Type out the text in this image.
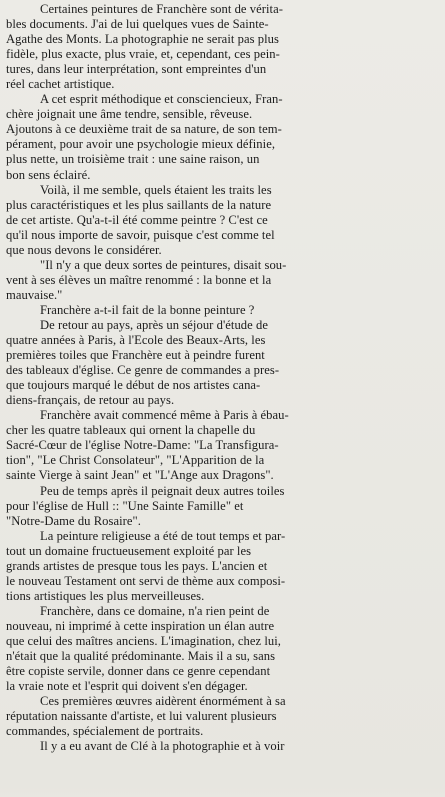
Certaines peintures de Franchère sont de vérita-
bles documents. J'ai de lui quelques vues de Sainte-
Agathe des Monts. La photographie ne serait pas plus
fidèle, plus exacte, plus vraie, et, cependant, ces pein-
tures, dans leur interprétation, sont empreintes d'un
réel cachet artistique.
A cet esprit méthodique et consciencieux, Fran-
chère joignait une âme tendre, sensible, rêveuse.
Ajoutons à ce deuxième trait de sa nature, de son tem-
pérament, pour avoir une psychologie mieux définie,
plus nette, un troisième trait : une saine raison, un
bon sens éclairé.
Voilà, il me semble, quels étaient les traits les
plus caractéristiques et les plus saillants de la nature
de cet artiste. Qu'a-t-il été comme peintre ? C'est ce
qu'il nous importe de savoir, puisque c'est comme tel
que nous devons le considérer.
"Il n'y a que deux sortes de peintures, disait sou-
vent à ses élèves un maître renommé : la bonne et la
mauvaise."
Franchère a-t-il fait de la bonne peinture ?
De retour au pays, après un séjour d'étude de
quatre années à Paris, à l'Ecole des Beaux-Arts, les
premières toiles que Franchère eut à peindre furent
des tableaux d'église. Ce genre de commandes a pres-
que toujours marqué le début de nos artistes cana-
diens-français, de retour au pays.
Franchère avait commencé même à Paris à ébau-
cher les quatre tableaux qui ornent la chapelle du
Sacré-Cœur de l'église Notre-Dame: "La Transfigura-
tion", "Le Christ Consolateur", "L'Apparition de la
sainte Vierge à saint Jean" et "L'Ange aux Dragons".
Peu de temps après il peignait deux autres toiles
pour l'église de Hull :: "Une Sainte Famille" et
"Notre-Dame du Rosaire".
La peinture religieuse a été de tout temps et par-
tout un domaine fructueusement exploité par les
grands artistes de presque tous les pays. L'ancien et
le nouveau Testament ont servi de thème aux composi-
tions artistiques les plus merveilleuses.
Franchère, dans ce domaine, n'a rien peint de
nouveau, ni imprimé à cette inspiration un élan autre
que celui des maîtres anciens. L'imagination, chez lui,
n'était que la qualité prédominante. Mais il a su, sans
être copiste servile, donner dans ce genre cependant
la vraie note et l'esprit qui doivent s'en dégager.
Ces premières œuvres aidèrent énormément à sa
réputation naissante d'artiste, et lui valurent plusieurs
commandes, spécialement de portraits.
Il y a eu avant de Clé à la photographie et à voir
